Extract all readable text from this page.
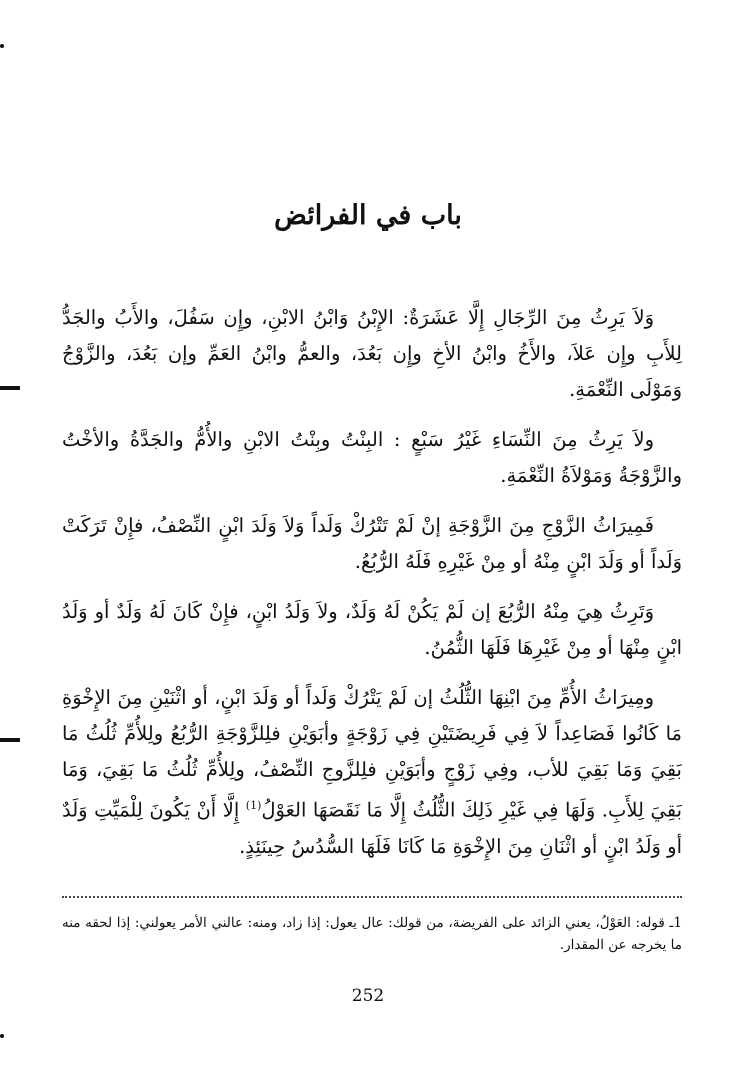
باب في الفرائض

وَلاَ يَرِثُ مِنَ الرِّجَالِ إِلَّا عَشَرَةٌ: الإِبْنُ وَابْنُ الابْنِ، وإِن سَفُلَ، والأَبُ والجَدُّ لِلأَبِ وإِن عَلاَ، والأَخُ وابْنُ الأخِ وإِن بَعُدَ، والعمُّ وابْنُ العَمِّ وإن بَعُدَ، والزَّوْجُ وَمَوْلَى النِّعْمَةِ.

ولاَ يَرِثُ مِنَ النِّسَاءِ غَيْرُ سَبْعٍ : البِنْتُ وبِنْتُ الابْنِ والأُمُّ والجَدَّةُ والأخْتُ والزَّوْجَةُ وَمَوْلاَةُ النِّعْمَةِ.

فَمِيرَاثُ الزَّوْجِ مِنَ الزَّوْجَةِ إنْ لَمْ تَتْرُكْ وَلَداً وَلاَ وَلَدَ ابْنٍ النِّصْفُ، فإِنْ تَرَكَتْ وَلَداً أو وَلَدَ ابْنٍ مِنْهُ أو مِنْ غَيْرِهِ فَلَهُ الرُّبُعُ.

وَتَرِثُ هِيَ مِنْهُ الرُّبُعَ إن لَمْ يَكُنْ لَهُ وَلَدٌ، ولاَ وَلَدُ ابْنٍ، فإِنْ كَانَ لَهُ وَلَدٌ أو وَلَدُ ابْنٍ مِنْهَا أو مِنْ غَيْرِهَا فَلَهَا الثُّمُنُ.

ومِيرَاثُ الأُمِّ مِنَ ابْنِهَا الثُّلُثُ إن لَمْ يَتْرُكْ وَلَداً أو وَلَدَ ابْنٍ، أو اثْنَيْنِ مِنَ الإِخْوَةِ مَا كَانُوا فَصَاعِداً لاَ فِي فَرِيضَتَيْنِ فِي زَوْجَةٍ وأبَوَيْنِ فلِلزَّوْجَةِ الرُّبُعُ ولِلأُمِّ ثُلُثُ مَا بَقِيَ وَمَا بَقِيَ للأب، وفِي زَوْجٍ وأبَوَيْنِ فلِلزَّوجِ النِّصْفُ، ولِلأُمِّ ثُلُثُ مَا بَقِيَ، وَمَا بَقِيَ لِلأَبِ. وَلَهَا فِي غَيْرِ ذَلِكَ الثُّلُثُ إِلَّا مَا نَقَصَهَا العَوْلُ$^{(1)}$ إِلَّا أَنْ يَكُونَ لِلْمَيِّتِ وَلَدٌ أو وَلَدُ ابْنٍ أو اثْنَانِ مِنَ الإِخْوَةِ مَا كَانَا فَلَهَا السُّدُسُ حِينَئِذٍ.

1ـ قوله: العَوْلُ، يعني الزائد على الفريضة، من قولك: عال يعول: إذا زاد، ومنه: عالني الأمر يعولني: إذا لحقه منه ما يخرجه عن المقدار.
252
